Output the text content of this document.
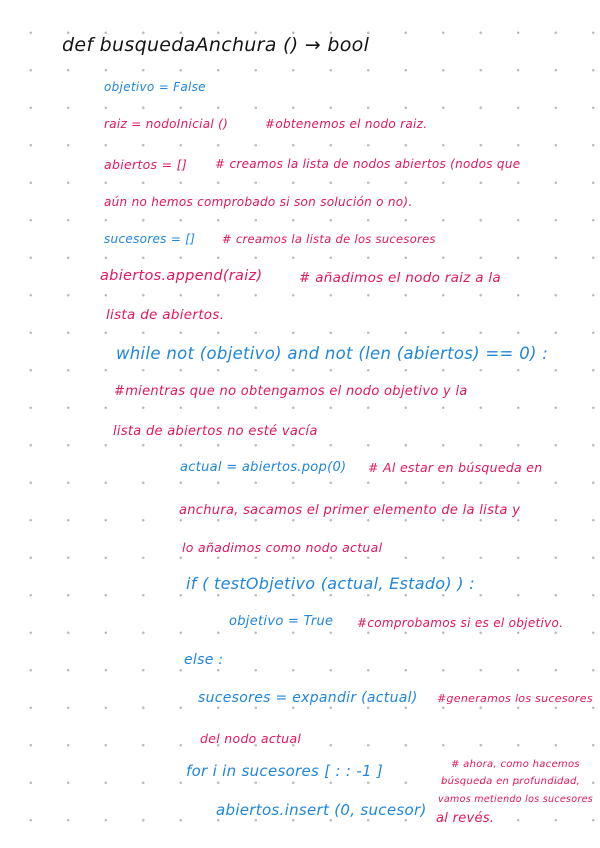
def busquedaAnchura () → bool
objetivo = False
raiz = nodoInicial ()	#obtenemos el nodo raiz.
abiertos = [] # creamos la lista de nodos abiertos (nodos que
aún no hemos comprobado si son solución o no).
sucesores = [] # creamos la lista de los sucesores
abiertos.append(raiz)	# añadimos el nodo raiz a la
lista de abiertos.
while not (objetivo) and not (len (abiertos) == 0) :
#mientras que no obtengamos el nodo objetivo y la
lista de abiertos no esté vacía
actual = abiertos.pop(0) # Al estar en búsqueda en
anchura, sacamos el primer elemento de la lista y
lo añadimos como nodo actual
if ( testObjetivo (actual, Estado) ) :
objetivo = True #comprobamos si es el objetivo.
else :
sucesores = expandir (actual) #generamos los sucesores
del nodo actual
for i in sucesores [ : : -1 ]	# ahora, como hacemos
búsqueda en profundidad,
vamos metiendo los sucesores
al revés.
abiertos.insert (0, sucesor)
